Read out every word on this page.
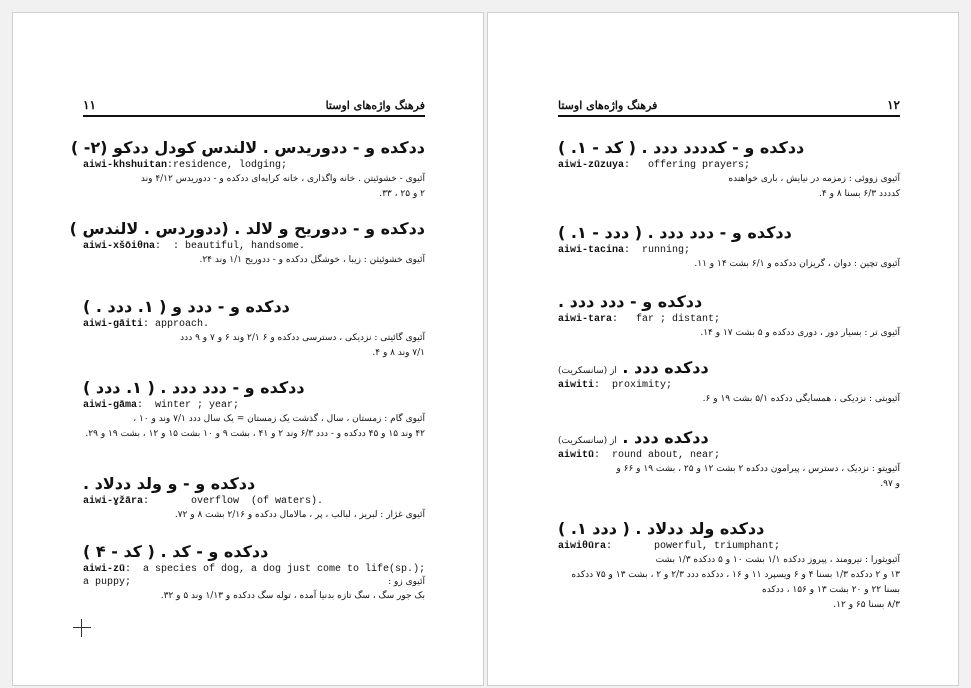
۱۱	فرهنگ واژه‌های اوستا
ددکده و - ددوریدس . لالندس کودل ددکو (۲- )
aiwi-khshuitan:residence, lodging;
آئیوی - خشوئیتن . خانه واگذاری ، خانه کرایه‌ای ددکده و - ددوریدس ۴/۱۲ وند
۲ و ۲۵ ، ۳۳.
ددکده و - ددوریح و لالد . (ددوردس . لالندس )
aiwi-xšōiθna:  : beautiful, handsome.
آئیوی خشوئیثن : زیبا ، خوشگل ددکده و - ددوریح ۱/۱ وند ۲۴.
ددکده و - ددد و ( ۱. ددد . )
aiwi-gāiti: approach.
آئیوی گائیتی : نزدیکی ، دسترسی ددکده و ۶ ۲/۱ وند ۶ و ۷ و ۹ ددد
۷/۱ وند ۸ و ۴.
ددکده و - ددد ددد . ( ۱. ددد )
aiwi-gāma:  winter ; year;
آئیوی گام : زمستان ، سال ، گذشت یک زمستان = یک سال ددد ۷/۱ وند و ۱۰ ،
۴۲ وند ۱۵ و ۴۵ ددکده و - ددد ۶/۳ وند ۲ و ۴۱ ، بشت ۹ و ۱۰ بشت ۱۵ و ۱۲ ، بشت ۱۹ و ۲۹.
ددکده و - و ولد ددلاد .
aiwi-ɣžāra:       overflow  (of waters).
آئیوی غژار : لبریز ، لبالب ، پر ، مالامال ددکده و ۲/۱۶ بشت ۸ و ۷۲.
ددکده و - کد . ( کد - ۴ )
aiwi-zū:  a species of dog, a dog just come to life(sp.);
a puppy;	آئیوی زو :
بک جور سگ ، سگ تازه بدنیا آمده ، توله سگ ددکده و ۱/۱۳ وند ۵ و ۳۲.
فرهنگ واژه‌های اوستا	۱۲
ددکده و - کدددد ددد . ( کد - ۱. )
aiwi-zūzuya:   offering prayers;
آئیوی زووئی : زمزمه در نیایش ، باری خواهنده
کدددد ۶/۳ بسنا ۸ و ۴.
ددکده و - ددد ددد . ( ددد - ۱. )
aiwi-tacina:  running;
آئیوی تچین : دوان ، گریزان ددکده و ۶/۱ بشت ۱۴ و ۱۱.
ددکده و - ددد ددد .
aiwi-tara:   far ; distant;
آئیوی تر : بسیار دور ، دوری ددکده و ۵ بشت ۱۷ و ۱۴.
ددکده ددد . از (سانسکریت)
aiwiti:  proximity;
آئیوبتی : نزدیکی ، همسایگی ددکده ۵/۱ بشت ۱۹ و ۶.
ددکده ددد . از (سانسکریت)
aiwitū:  round about, near;
آئیویتو : نزدیک ، دسترس ، پیرامون ددکده ۲ بشت ۱۲ و ۲۵ ، بشت ۱۹ و ۶۶ و
و ۹۷.
ددکده ولد ددلاد . ( ددد ۱. )
aiwiθūra:       powerful, triumphant;
آئیویثورا : نیرومند ، پیروز ددکده ۱/۱ بشت ۱۰ و ۵ ددکده ۱/۳ بشت
۱۳ و ۲ ددکده ۱/۳ بسنا ۴ و ۶ ویسپرد ۱۱ و ۱۶ ، ددکده ددد ۲/۳ و ۲ ، بشت ۱۳ و ۷۵ ددکده بسنا ۲۲ و ۲۰ بشت ۱۳ و ۱۵۶ ، ددکده
۸/۳ بسنا ۶۵ و ۱۲.
